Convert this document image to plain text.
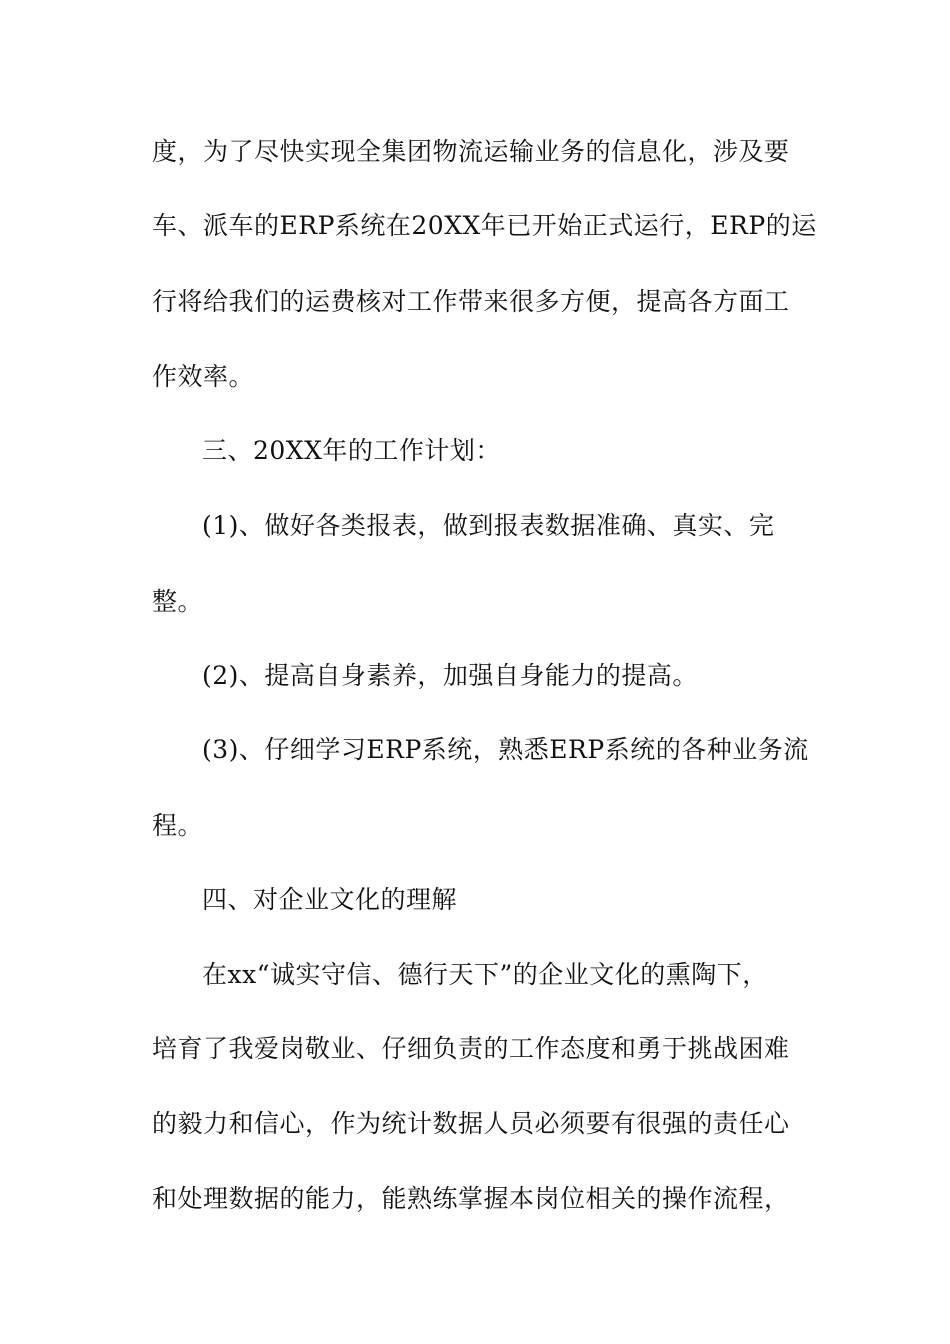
度，为了尽快实现全集团物流运输业务的信息化，涉及要
车、派车的ERP系统在20XX年已开始正式运行，ERP的运
行将给我们的运费核对工作带来很多方便，提高各方面工
作效率。
三、20XX年的工作计划：
(1)、做好各类报表，做到报表数据准确、真实、完
整。
(2)、提高自身素养，加强自身能力的提高。
(3)、仔细学习ERP系统，熟悉ERP系统的各种业务流
程。
四、对企业文化的理解
在xx“诚实守信、德行天下”的企业文化的熏陶下，
培育了我爱岗敬业、仔细负责的工作态度和勇于挑战困难
的毅力和信心，作为统计数据人员必须要有很强的责任心
和处理数据的能力，能熟练掌握本岗位相关的操作流程，
